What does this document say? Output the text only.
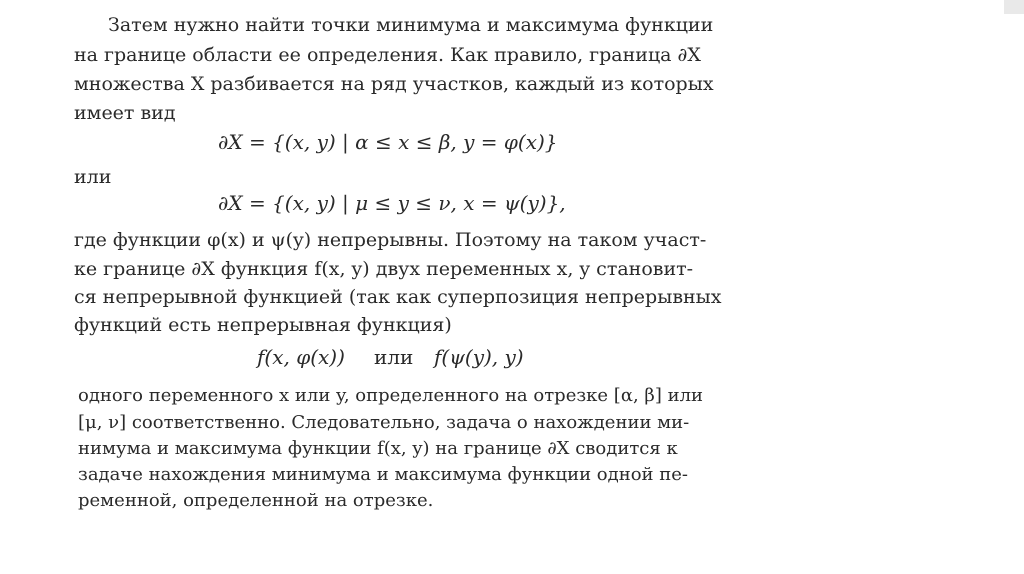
Затем нужно найти точки минимума и максимума функции
на границе области ее определения. Как правило, граница ∂X
множества X разбивается на ряд участков, каждый из которых
имеет вид
∂X = {(x, y) | α ≤ x ≤ β, y = φ(x)}
или
∂X = {(x, y) | μ ≤ y ≤ ν, x = ψ(y)},
где функции φ(x) и ψ(y) непрерывны. Поэтому на таком участ-
ке границе ∂X функция f(x, y) двух переменных x, y становит-
ся непрерывной функцией (так как суперпозиция непрерывных
функций есть непрерывная функция)
f(x, φ(x)) или f(ψ(y), y)
одного переменного x или y, определенного на отрезке [α, β] или
[μ, ν] соответственно. Следовательно, задача о нахождении ми-
нимума и максимума функции f(x, y) на границе ∂X сводится к
задаче нахождения минимума и максимума функции одной пе-
ременной, определенной на отрезке.
